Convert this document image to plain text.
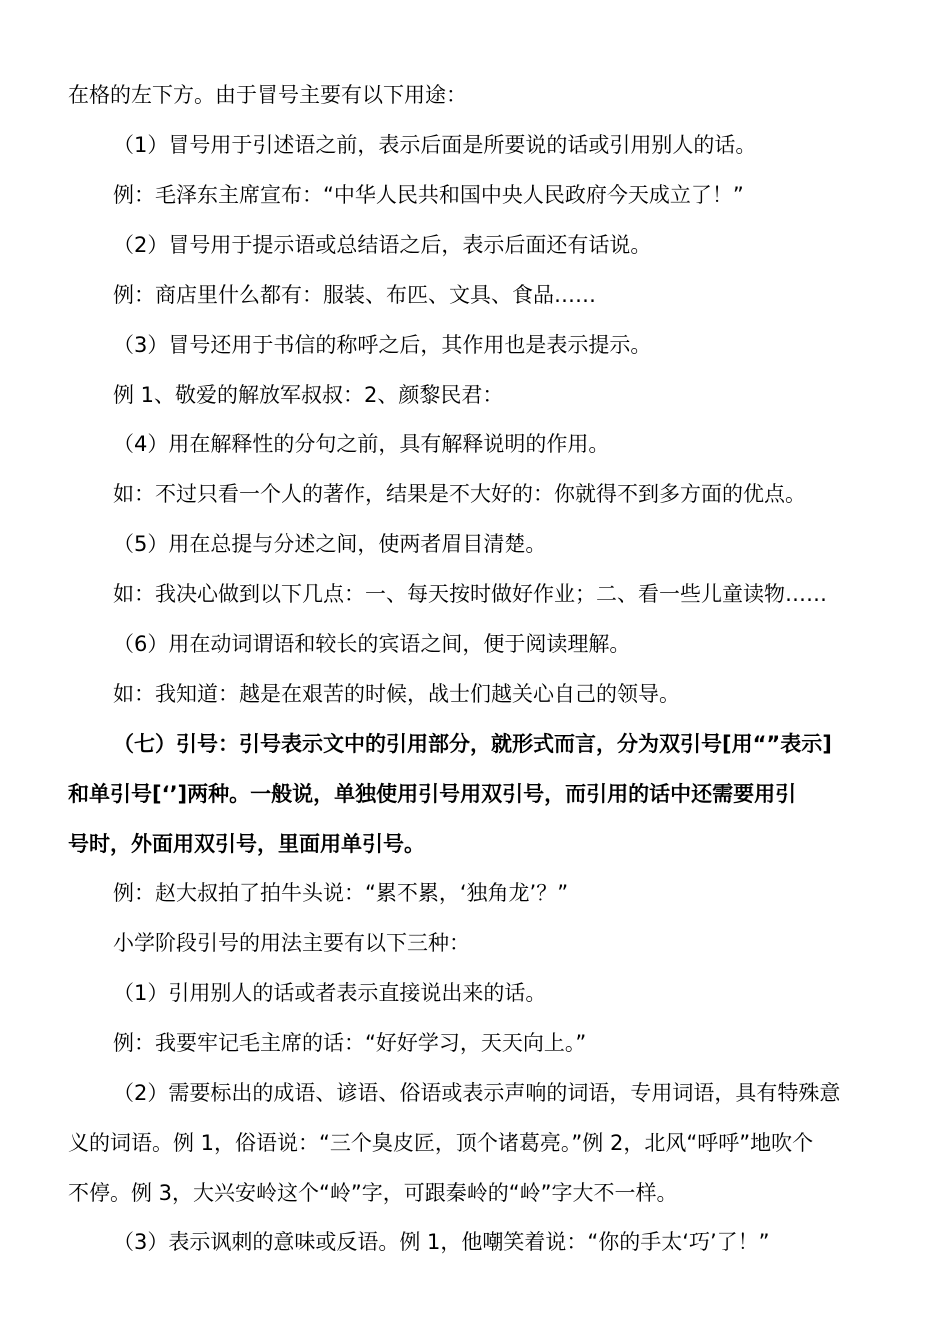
在格的左下方。由于冒号主要有以下用途：
（1）冒号用于引述语之前，表示后面是所要说的话或引用别人的话。
例：毛泽东主席宣布：“中华人民共和国中央人民政府今天成立了！”
（2）冒号用于提示语或总结语之后，表示后面还有话说。
例：商店里什么都有：服装、布匹、文具、食品……
（3）冒号还用于书信的称呼之后，其作用也是表示提示。
例 1、敬爱的解放军叔叔：2、颜黎民君：
（4）用在解释性的分句之前，具有解释说明的作用。
如：不过只看一个人的著作，结果是不大好的：你就得不到多方面的优点。
（5）用在总提与分述之间，使两者眉目清楚。
如：我决心做到以下几点：一、每天按时做好作业；二、看一些儿童读物……
（6）用在动词谓语和较长的宾语之间，便于阅读理解。
如：我知道：越是在艰苦的时候，战士们越关心自己的领导。
（七）引号：引号表示文中的引用部分，就形式而言，分为双引号[用“”表示]
和单引号[‘’]两种。一般说，单独使用引号用双引号，而引用的话中还需要用引
号时，外面用双引号，里面用单引号。
例：赵大叔拍了拍牛头说：“累不累，‘独角龙’？”
小学阶段引号的用法主要有以下三种：
（1）引用别人的话或者表示直接说出来的话。
例：我要牢记毛主席的话：“好好学习，天天向上。”
（2）需要标出的成语、谚语、俗语或表示声响的词语，专用词语，具有特殊意
义的词语。例 1，俗语说：“三个臭皮匠，顶个诸葛亮。”例 2，北风“呼呼”地吹个
不停。例 3，大兴安岭这个“岭”字，可跟秦岭的“岭”字大不一样。
（3）表示讽刺的意味或反语。例 1，他嘲笑着说：“你的手太‘巧’了！”
